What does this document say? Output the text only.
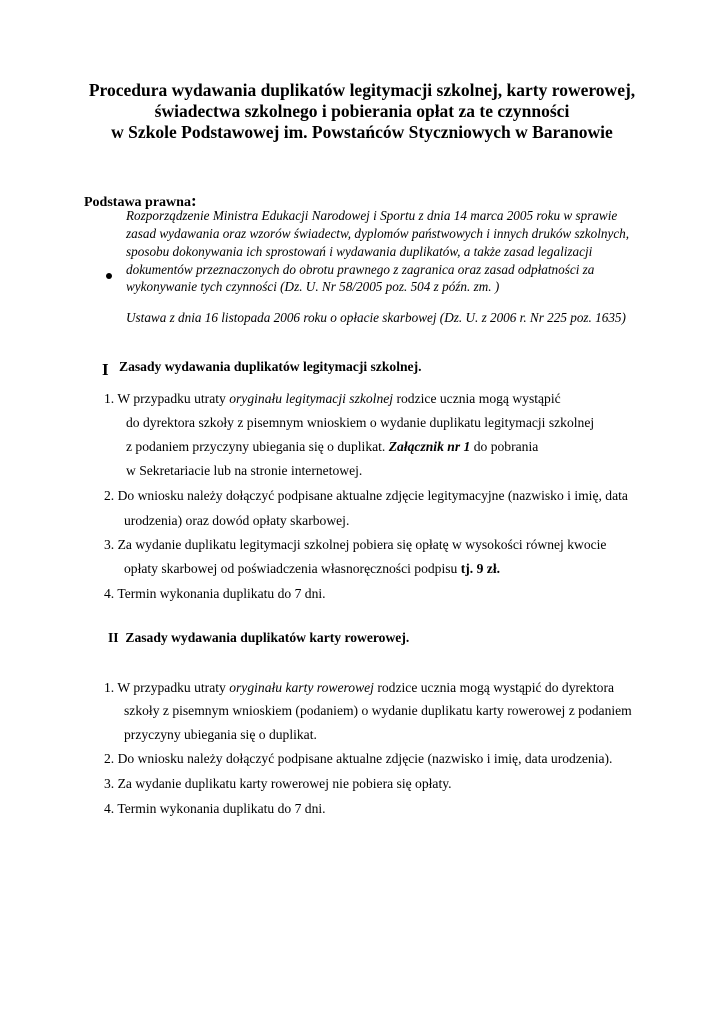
Procedura wydawania duplikatów legitymacji szkolnej, karty rowerowej,
świadectwa szkolnego i pobierania opłat za te czynności
w Szkole Podstawowej im. Powstańców Styczniowych w Baranowie
Podstawa prawna:
Rozporządzenie Ministra Edukacji Narodowej i Sportu z dnia 14 marca 2005 roku w sprawie
zasad wydawania oraz wzorów świadectw, dyplomów państwowych i innych druków szkolnych,
sposobu dokonywania ich sprostowań i wydawania duplikatów, a także zasad legalizacji
dokumentów przeznaczonych do obrotu prawnego z zagranica oraz zasad odpłatności za
wykonywanie tych czynności (Dz. U. Nr 58/2005 poz. 504 z późn. zm. )
Ustawa z dnia 16 listopada 2006 roku o opłacie skarbowej (Dz. U. z 2006 r. Nr 225 poz. 1635)
I Zasady wydawania duplikatów legitymacji szkolnej.
1. W przypadku utraty oryginału legitymacji szkolnej rodzice ucznia mogą wystąpić
do dyrektora szkoły z pisemnym wnioskiem o wydanie duplikatu legitymacji szkolnej
z podaniem przyczyny ubiegania się o duplikat. Załącznik nr 1 do pobrania
w Sekretariacie lub na stronie internetowej.
2. Do wniosku należy dołączyć podpisane aktualne zdjęcie legitymacyjne (nazwisko i imię, data
urodzenia) oraz dowód opłaty skarbowej.
3. Za wydanie duplikatu legitymacji szkolnej pobiera się opłatę w wysokości równej kwocie
opłaty skarbowej od poświadczenia własnoręczności podpisu tj. 9 zł.
4. Termin wykonania duplikatu do 7 dni.
II Zasady wydawania duplikatów karty rowerowej.
1. W przypadku utraty oryginału karty rowerowej rodzice ucznia mogą wystąpić do dyrektora
szkoły z pisemnym wnioskiem (podaniem) o wydanie duplikatu karty rowerowej z podaniem
przyczyny ubiegania się o duplikat.
2. Do wniosku należy dołączyć podpisane aktualne zdjęcie (nazwisko i imię, data urodzenia).
3. Za wydanie duplikatu karty rowerowej nie pobiera się opłaty.
4. Termin wykonania duplikatu do 7 dni.
